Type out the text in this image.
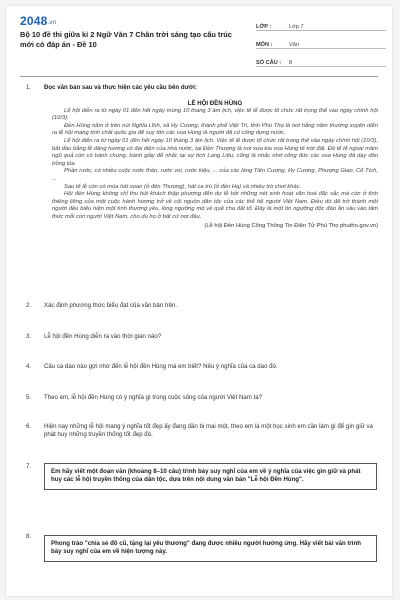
2048.vn
Bộ 10 đề thi giữa kì 2 Ngữ Văn 7 Chân trời sáng tạo cấu trúc mới có đáp án - Đề 10
LỚP :	Lớp 7
MÔN :	Văn
SỐ CÂU :	8
1. Đọc văn bản sau và thực hiện các yêu cầu bên dưới:
LỄ HỘI ĐỀN HÙNG

Lễ hội diễn ra từ ngày 01 đến hết ngày mùng 10 tháng 3 âm lịch, việc tế lễ được tổ chức rất trọng thể vào ngày chính hội (10/3).

Đền Hùng nằm ở trên núi Nghĩa Lĩnh, xã Hy Cương, thành phố Việt Trì, tỉnh Phú Thọ là nơi hằng năm thường xuyên diễn ra lễ hội mang tính chất quốc gia để suy tôn các vua Hùng là người đã có công dựng nước.

Lễ hội diễn ra từ ngày 01 đến hết ngày 10 tháng 3 âm lịch. Việc tế lễ được tổ chức rất trọng thể vào ngày chính hội (10/3), bắt đầu bằng lễ dâng hương có đại diện của nhà nước, tại Đền Thượng là nơi xưa kia vua Hùng tế trời đất. Đồ tế lễ ngoài mâm ngũ quả còn có bánh chưng, bánh giầy để nhắc lại sự tích Lang Liêu, cũng là nhắc nhớ công đức các vua Hùng đã dạy dân trồng lúa.

Phần rước, có nhiều cuộc rước thần, rước voi, rước kiệu, ... của các làng Tiên Cương, Hy Cương, Phượng Giao, Cổ Tích, ...

Sau tế lễ còn có múa hát xoan (ở đền Thượng), hát ca trù (ở đền Hạ) và nhiều trò chơi khác.

Hội đền Hùng không chỉ thu hút khách thập phương đến dự lễ bởi những nét sinh hoạt văn hoá đặc sắc mà còn ở tính thiêng liêng của một cuộc hành hương trở về cội nguồn dân tộc của các thế hệ người Việt Nam. Điều đó đã trở thành một người đều biểu hiện một tình thương yêu, lòng ngưỡng mộ về quê cha đất tổ. Đây là một tín ngưỡng độc đáo ăn sâu vào tâm thức mỗi con người Việt Nam, cho dù họ ở bất cứ nơi đâu.

(Lễ hội Đền Hùng Cổng Thông Tin Điện Tử Phú Thọ phutho.gov.vn)
2. Xác định phương thức biểu đạt của văn bản trên.
3. Lễ hội đền Hùng diễn ra vào thời gian nào?
4. Câu ca dao nào gợi nhớ đến lễ hội đền Hùng mà em biết? Nêu ý nghĩa của ca dao đó.
5. Theo em, lễ hội đền Hùng có ý nghĩa gì trong cuộc sống của người Việt Nam ta?
6. Hiện nay những lễ hội mang ý nghĩa tốt đẹp ấy đang dần bị mai một, theo em là một học sinh em cần làm gì để gìn giữ và phát huy những truyền thống tốt đẹp đó.
7.
Em hãy viết một đoạn văn (khoảng 8–10 câu) trình bày suy nghĩ của em về ý nghĩa của việc gìn giữ và phát huy các lễ hội truyền thống của dân tộc, dựa trên nội dung văn bản "Lễ hội Đền Hùng".
8.
Phong trào "chia sẻ đồ cũ, tặng lại yêu thương" đang được nhiều người hưởng ứng. Hãy viết bài văn trình bày suy nghĩ của em về hiện tượng này.
